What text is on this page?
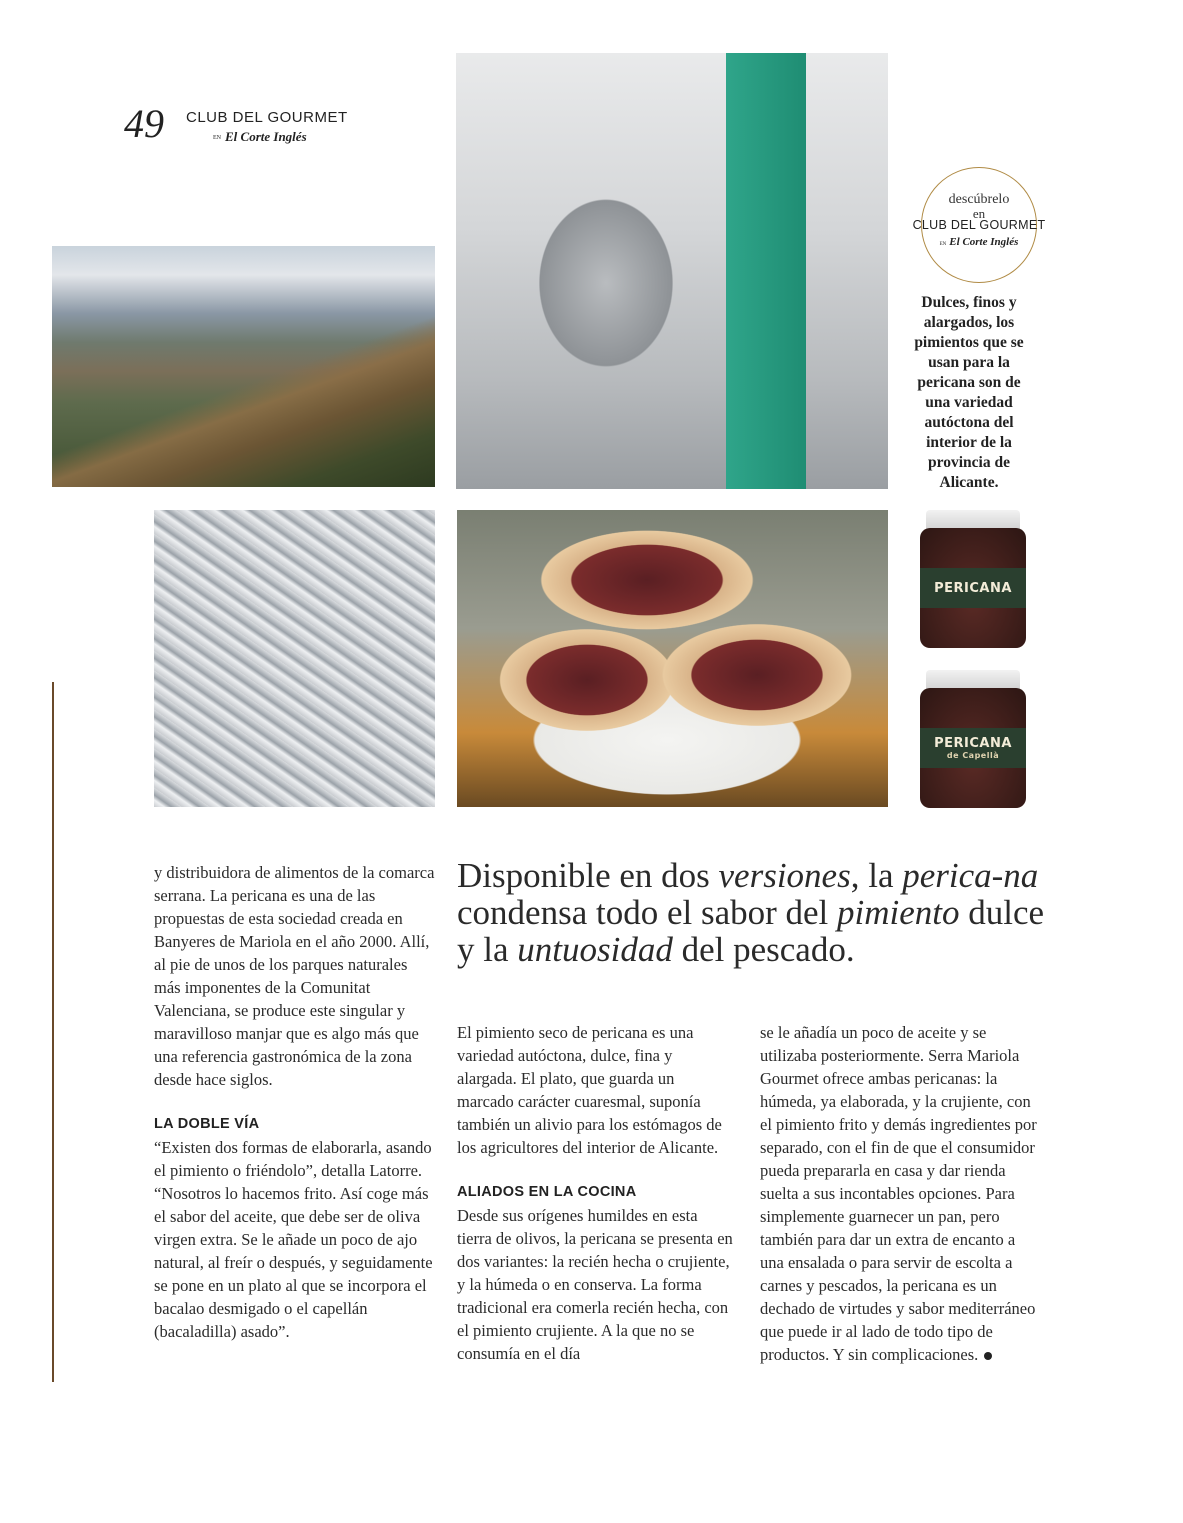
49 CLUB DEL GOURMET
EN El Corte Inglés
PERICANA
PERICANA
de Capellà
descúbrelo
en
CLUB DEL GOURMET
EN El Corte Inglés
Dulces, finos y alargados, los pimientos que se usan para la pericana son de una variedad autóctona del interior de la provincia de Alicante.
Disponible en dos versiones, la perica-na condensa todo el sabor del pimiento dulce y la untuosidad del pescado.

y distribuidora de alimentos de la comarca serrana. La pericana es una de las propuestas de esta sociedad creada en Banyeres de Mariola en el año 2000. Allí, al pie de unos de los parques naturales más imponentes de la Comunitat Valenciana, se produce este singular y maravilloso manjar que es algo más que una referencia gastronómica de la zona desde hace siglos.

LA DOBLE VÍA

“Existen dos formas de elaborarla, asando el pimiento o friéndolo”, detalla Latorre. “Nosotros lo hacemos frito. Así coge más el sabor del aceite, que debe ser de oliva virgen extra. Se le añade un poco de ajo natural, al freír o después, y seguidamente se pone en un plato al que se incorpora el bacalao desmigado o el capellán (bacaladilla) asado”.

El pimiento seco de pericana es una variedad autóctona, dulce, fina y alargada. El plato, que guarda un marcado carácter cuaresmal, suponía también un alivio para los estómagos de los agricultores del interior de Alicante.

ALIADOS EN LA COCINA

Desde sus orígenes humildes en esta tierra de olivos, la pericana se presenta en dos variantes: la recién hecha o crujiente, y la húmeda o en conserva. La forma tradicional era comerla recién hecha, con el pimiento crujiente. A la que no se consumía en el día

se le añadía un poco de aceite y se utilizaba posteriormente. Serra Mariola Gourmet ofrece ambas pericanas: la húmeda, ya elaborada, y la crujiente, con el pimiento frito y demás ingredientes por separado, con el fin de que el consumidor pueda prepararla en casa y dar rienda suelta a sus incontables opciones. Para simplemente guarnecer un pan, pero también para dar un extra de encanto a una ensalada o para servir de escolta a carnes y pescados, la pericana es un dechado de virtudes y sabor mediterráneo que puede ir al lado de todo tipo de productos. Y sin complicaciones.
